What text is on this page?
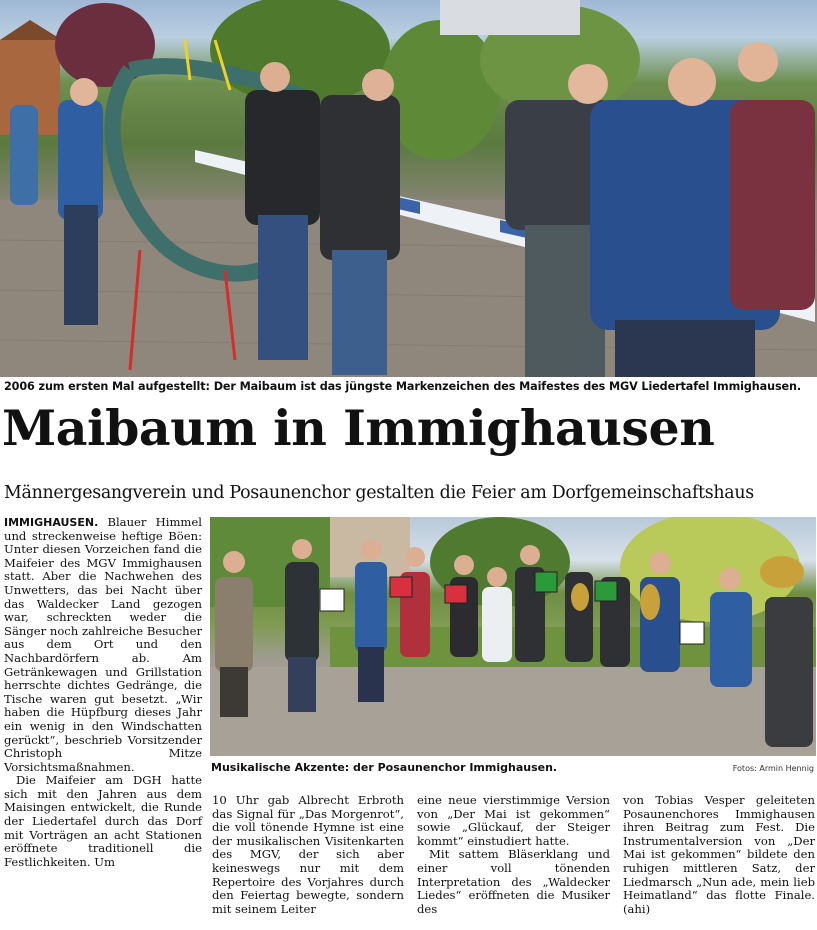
2006 zum ersten Mal aufgestellt: Der Maibaum ist das jüngste Markenzeichen des Maifestes des MGV Liedertafel Immighausen.
Maibaum in Immighausen
Männergesangverein und Posaunenchor gestalten die Feier am Dorfgemeinschaftshaus

IMMIGHAUSEN. Blauer Himmel und streckenweise heftige Böen: Unter diesen Vorzeichen fand die Maifeier des MGV Immighausen statt. Aber die Nachwehen des Unwetters, das bei Nacht über das Waldecker Land gezogen war, schreckten weder die Sänger noch zahlreiche Besucher aus dem Ort und den Nachbardörfern ab. Am Getränkewagen und Grillstation herrschte dichtes Gedränge, die Tische waren gut besetzt. „Wir haben die Hüpfburg dieses Jahr ein wenig in den Windschatten gerückt“, beschrieb Vorsitzender Christoph Mitze Vorsichtsmaßnahmen.

Die Maifeier am DGH hatte sich mit den Jahren aus dem Maisingen entwickelt, die Runde der Liedertafel durch das Dorf mit Vorträgen an acht Stationen eröffnete traditionell die Festlichkeiten. Um

Musikalische Akzente: der Posaunenchor Immighausen.	Fotos: Armin Hennig

10 Uhr gab Albrecht Erbroth das Signal für „Das Morgenrot“, die voll tönende Hymne ist eine der musikalischen Visitenkarten des MGV, der sich aber keineswegs nur mit dem Repertoire des Vorjahres durch den Feiertag bewegte, sondern mit seinem Leiter

eine neue vierstimmige Version von „Der Mai ist gekommen“ sowie „Glückauf, der Steiger kommt“ einstudiert hatte.

Mit sattem Bläserklang und einer voll tönenden Interpretation des „Waldecker Liedes“ eröffneten die Musiker des

von Tobias Vesper geleiteten Posaunenchores Immighausen ihren Beitrag zum Fest. Die Instrumentalversion von „Der Mai ist gekommen“ bildete den ruhigen mittleren Satz, der Liedmarsch „Nun ade, mein lieb Heimatland“ das flotte Finale. (ahi)
